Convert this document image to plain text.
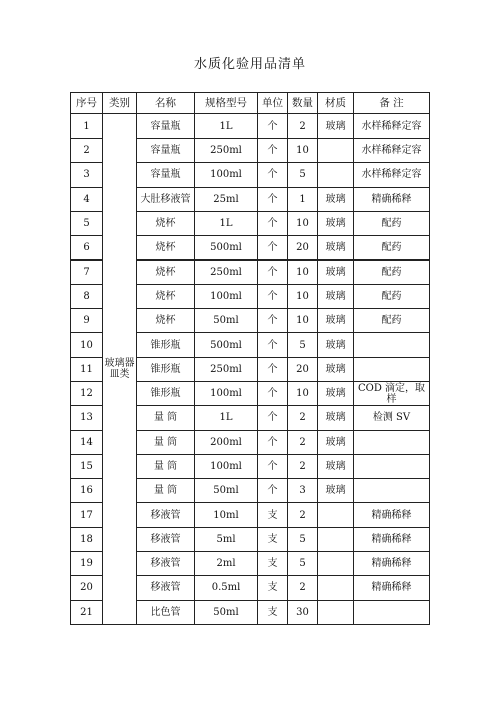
水质化验用品清单
序号	类别	名称	规格型号	单位	数量	材质	备 注
1	玻璃器皿类	容量瓶	1L	个	2	玻璃	水样稀释定容
2		容量瓶	250ml	个	10		水样稀释定容
3		容量瓶	100ml	个	5		水样稀释定容
4		大肚移液管	25ml	个	1	玻璃	精确稀释
5		烧杯	1L	个	10	玻璃	配药
6		烧杯	500ml	个	20	玻璃	配药
7		烧杯	250ml	个	10	玻璃	配药
8		烧杯	100ml	个	10	玻璃	配药
9		烧杯	50ml	个	10	玻璃	配药
10		锥形瓶	500ml	个	5	玻璃	
11		锥形瓶	250ml	个	20	玻璃	
12		锥形瓶	100ml	个	10	玻璃	COD 滴定，取样
13		量 筒	1L	个	2	玻璃	检测 SV
14		量 筒	200ml	个	2	玻璃	
15		量 筒	100ml	个	2	玻璃	
16		量 筒	50ml	个	3	玻璃	
17		移液管	10ml	支	2		精确稀释
18		移液管	5ml	支	5		精确稀释
19		移液管	2ml	支	5		精确稀释
20		移液管	0.5ml	支	2		精确稀释
21		比色管	50ml	支	30		
